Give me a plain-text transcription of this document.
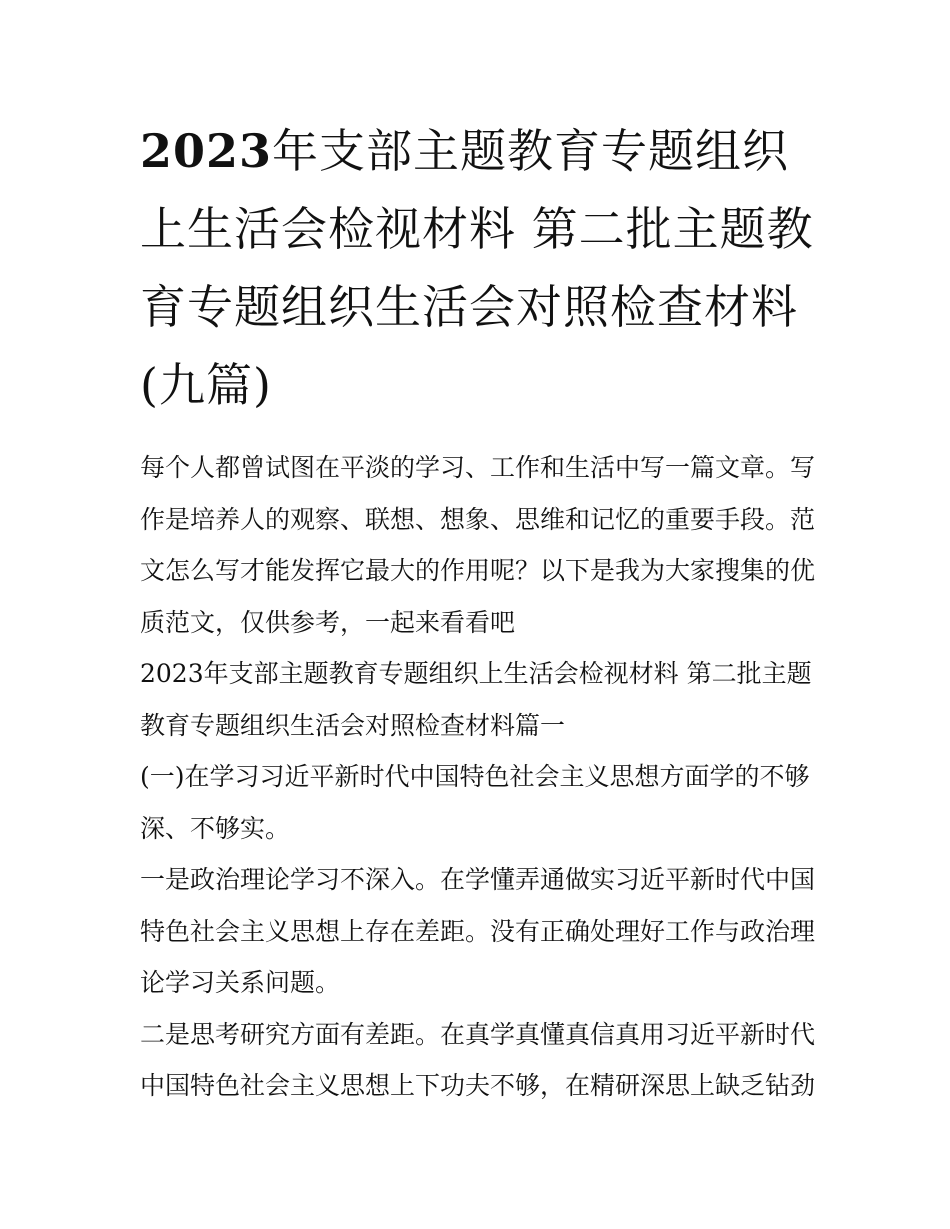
2023年支部主题教育专题组织上生活会检视材料 第二批主题教育专题组织生活会对照检查材料(九篇)

每个人都曾试图在平淡的学习、工作和生活中写一篇文章。写作是培养人的观察、联想、想象、思维和记忆的重要手段。范文怎么写才能发挥它最大的作用呢？以下是我为大家搜集的优质范文，仅供参考，一起来看看吧

2023年支部主题教育专题组织上生活会检视材料 第二批主题教育专题组织生活会对照检查材料篇一

(一)在学习习近平新时代中国特色社会主义思想方面学的不够深、不够实。

一是政治理论学习不深入。在学懂弄通做实习近平新时代中国特色社会主义思想上存在差距。没有正确处理好工作与政治理论学习关系问题。

二是思考研究方面有差距。在真学真懂真信真用习近平新时代中国特色社会主义思想上下功夫不够，在精研深思上缺乏钻劲
